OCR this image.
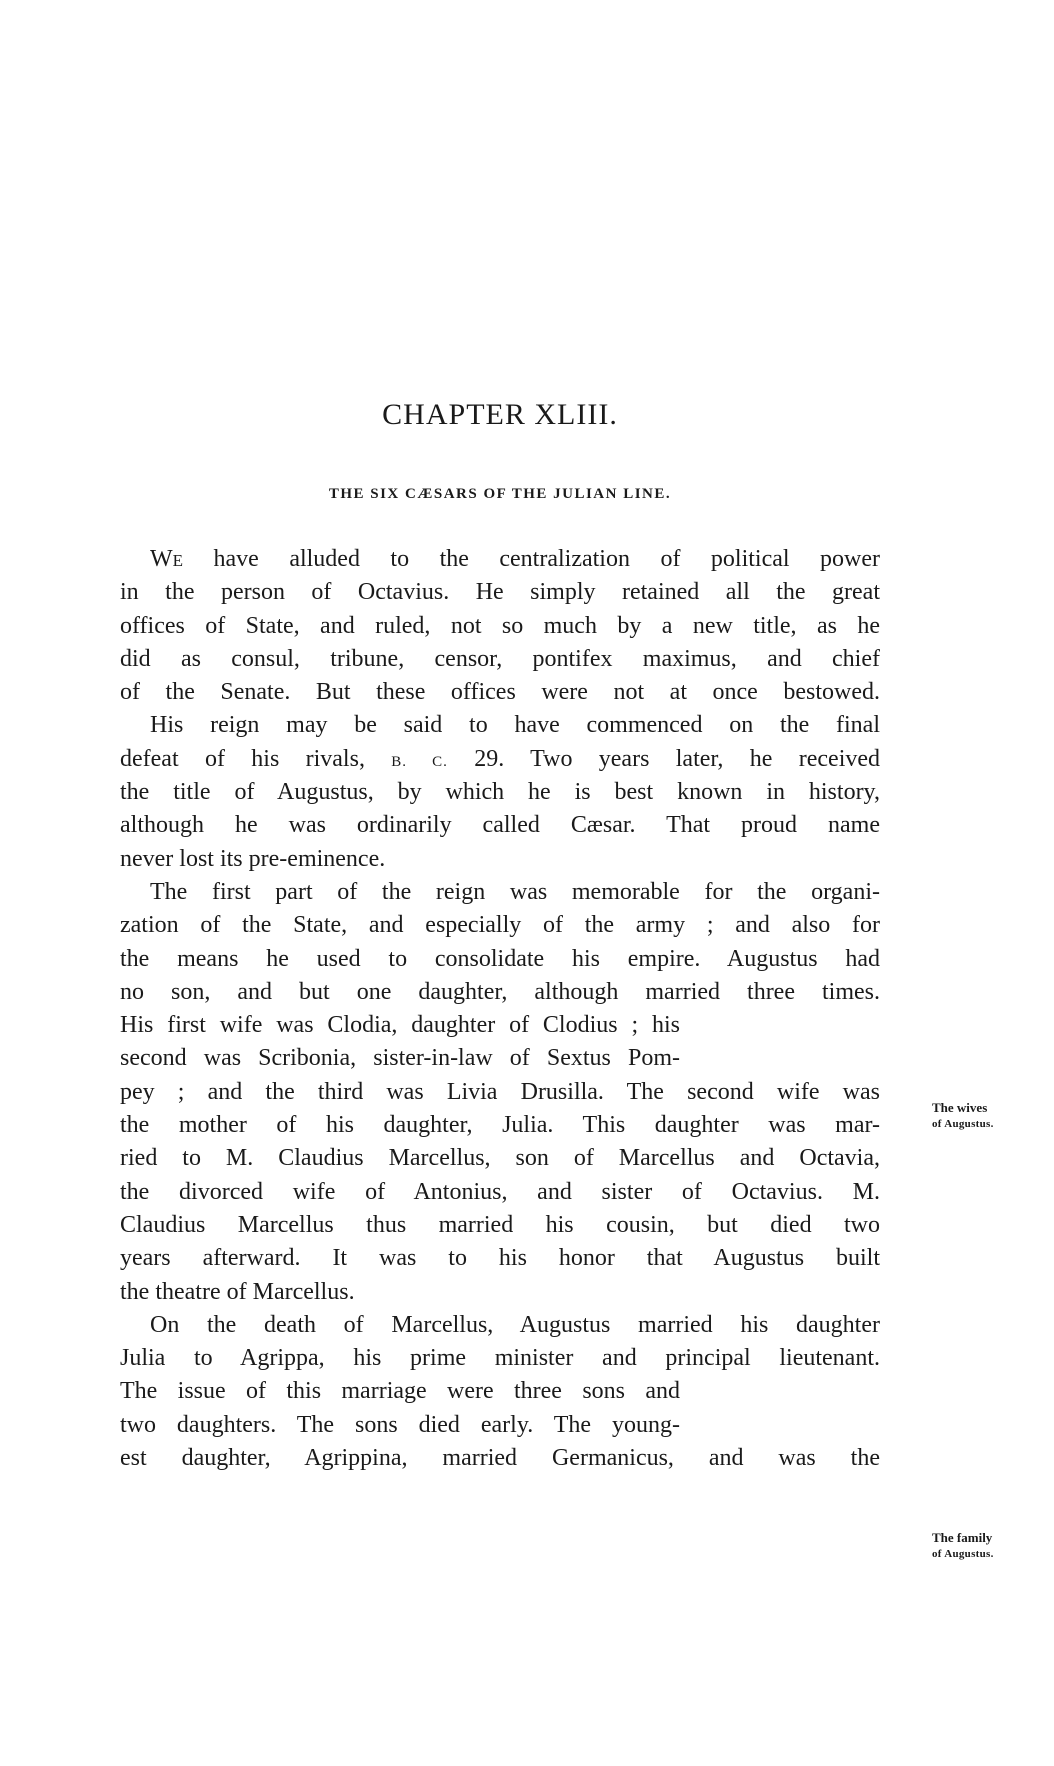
CHAPTER XLIII.
THE SIX CÆSARS OF THE JULIAN LINE.
We have alluded to the centralization of political power
in the person of Octavius. He simply retained all the great
offices of State, and ruled, not so much by a new title, as he
did as consul, tribune, censor, pontifex maximus, and chief
of the Senate. But these offices were not at once bestowed.
His reign may be said to have commenced on the final
defeat of his rivals, B. C. 29. Two years later, he received
the title of Augustus, by which he is best known in history,
although he was ordinarily called Cæsar. That proud name
never lost its pre-eminence.
The first part of the reign was memorable for the organi-
zation of the State, and especially of the army ; and also for
the means he used to consolidate his empire. Augustus had
no son, and but one daughter, although married three times.
His first wife was Clodia, daughter of Clodius ; his
second was Scribonia, sister-in-law of Sextus Pom-
pey ; and the third was Livia Drusilla. The second wife was
the mother of his daughter, Julia. This daughter was mar-
ried to M. Claudius Marcellus, son of Marcellus and Octavia,
the divorced wife of Antonius, and sister of Octavius. M.
Claudius Marcellus thus married his cousin, but died two
years afterward. It was to his honor that Augustus built
the theatre of Marcellus.
On the death of Marcellus, Augustus married his daughter
Julia to Agrippa, his prime minister and principal lieutenant.
The issue of this marriage were three sons and
two daughters. The sons died early. The young-
est daughter, Agrippina, married Germanicus, and was the
The wives
of Augustus.
The family
of Augustus.
